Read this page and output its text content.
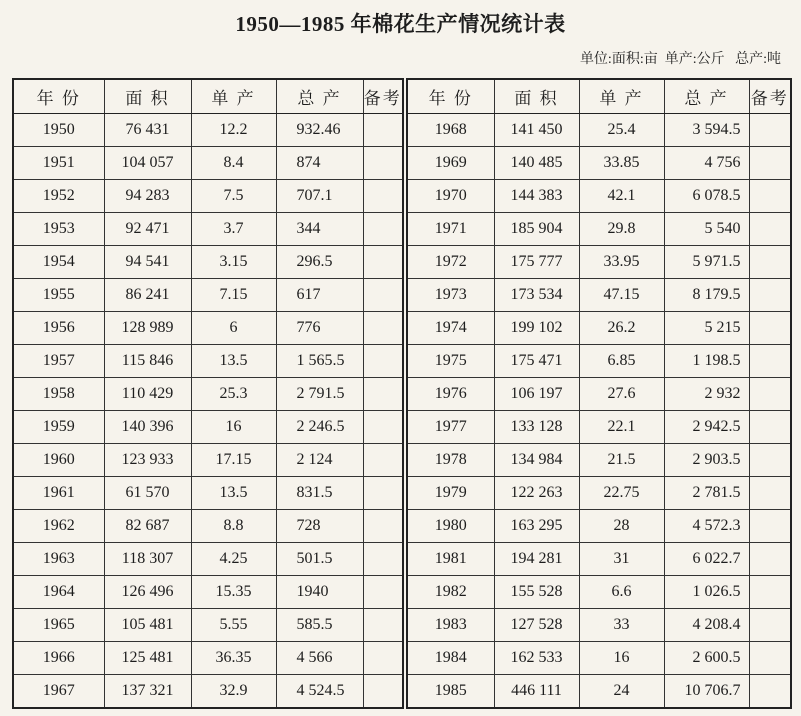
1950—1985 年棉花生产情况统计表
单位:面积:亩  单产:公斤   总产:吨
年 份	面 积	单 产	总 产	备考
1950	76 431	12.2	932.46	
1951	104 057	8.4	874	
1952	94 283	7.5	707.1	
1953	92 471	3.7	344	
1954	94 541	3.15	296.5	
1955	86 241	7.15	617	
1956	128 989	6	776	
1957	115 846	13.5	1 565.5	
1958	110 429	25.3	2 791.5	
1959	140 396	16	2 246.5	
1960	123 933	17.15	2 124	
1961	61 570	13.5	831.5	
1962	82 687	8.8	728	
1963	118 307	4.25	501.5	
1964	126 496	15.35	1940	
1965	105 481	5.55	585.5	
1966	125 481	36.35	4 566	
1967	137 321	32.9	4 524.5	
年 份	面 积	单 产	总 产	备考
1968	141 450	25.4	3 594.5	
1969	140 485	33.85	4 756	
1970	144 383	42.1	6 078.5	
1971	185 904	29.8	5 540	
1972	175 777	33.95	5 971.5	
1973	173 534	47.15	8 179.5	
1974	199 102	26.2	5 215	
1975	175 471	6.85	1 198.5	
1976	106 197	27.6	2 932	
1977	133 128	22.1	2 942.5	
1978	134 984	21.5	2 903.5	
1979	122 263	22.75	2 781.5	
1980	163 295	28	4 572.3	
1981	194 281	31	6 022.7	
1982	155 528	6.6	1 026.5	
1983	127 528	33	4 208.4	
1984	162 533	16	2 600.5	
1985	446 111	24	10 706.7	
